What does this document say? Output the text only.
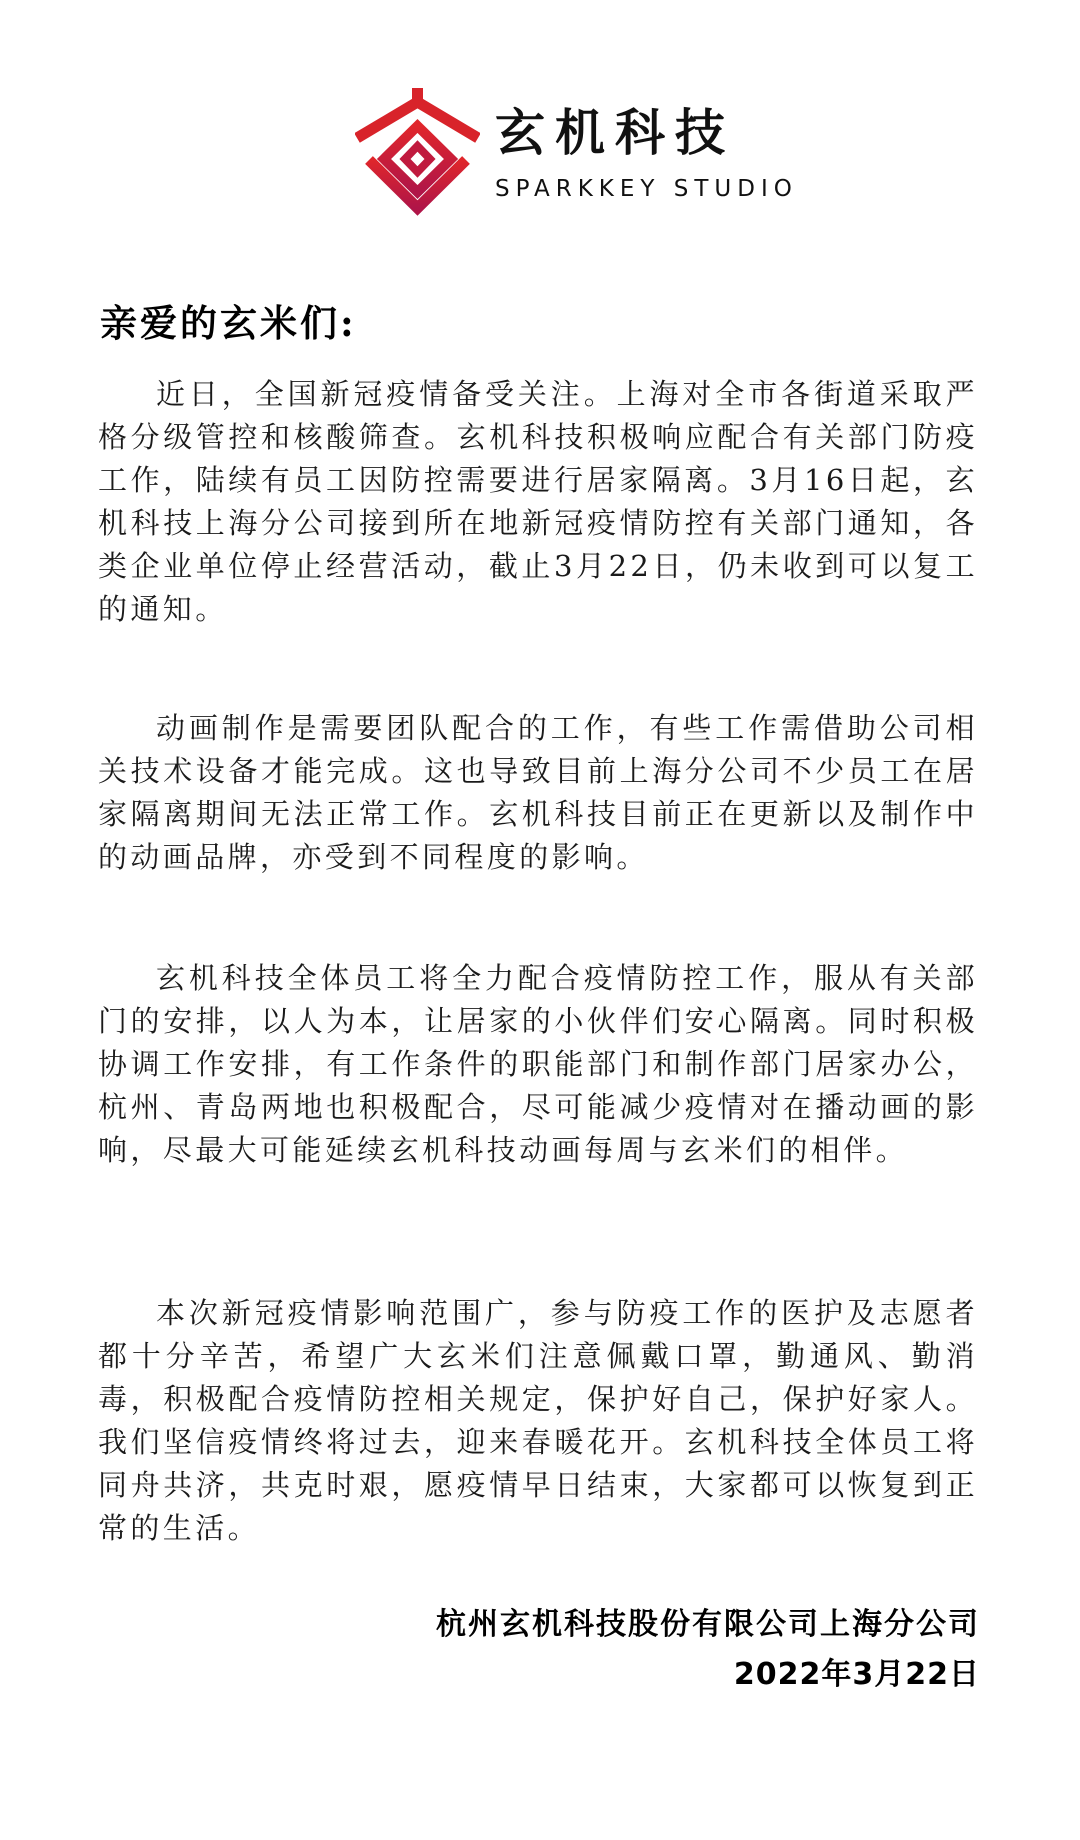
玄机科技
SPARKKEY STUDIO
亲爱的玄米们:

近日，全国新冠疫情备受关注。上海对全市各街道采取严格分级管控和核酸筛查。玄机科技积极响应配合有关部门防疫工作，陆续有员工因防控需要进行居家隔离。3月16日起，玄机科技上海分公司接到所在地新冠疫情防控有关部门通知，各类企业单位停止经营活动，截止3月22日，仍未收到可以复工的通知。

动画制作是需要团队配合的工作，有些工作需借助公司相关技术设备才能完成。这也导致目前上海分公司不少员工在居家隔离期间无法正常工作。玄机科技目前正在更新以及制作中的动画品牌，亦受到不同程度的影响。

玄机科技全体员工将全力配合疫情防控工作，服从有关部门的安排，以人为本，让居家的小伙伴们安心隔离。同时积极协调工作安排，有工作条件的职能部门和制作部门居家办公，杭州、青岛两地也积极配合，尽可能减少疫情对在播动画的影响，尽最大可能延续玄机科技动画每周与玄米们的相伴。

本次新冠疫情影响范围广，参与防疫工作的医护及志愿者都十分辛苦，希望广大玄米们注意佩戴口罩，勤通风、勤消毒，积极配合疫情防控相关规定，保护好自己，保护好家人。我们坚信疫情终将过去，迎来春暖花开。玄机科技全体员工将同舟共济，共克时艰，愿疫情早日结束，大家都可以恢复到正常的生活。

杭州玄机科技股份有限公司上海分公司
2022年3月22日
